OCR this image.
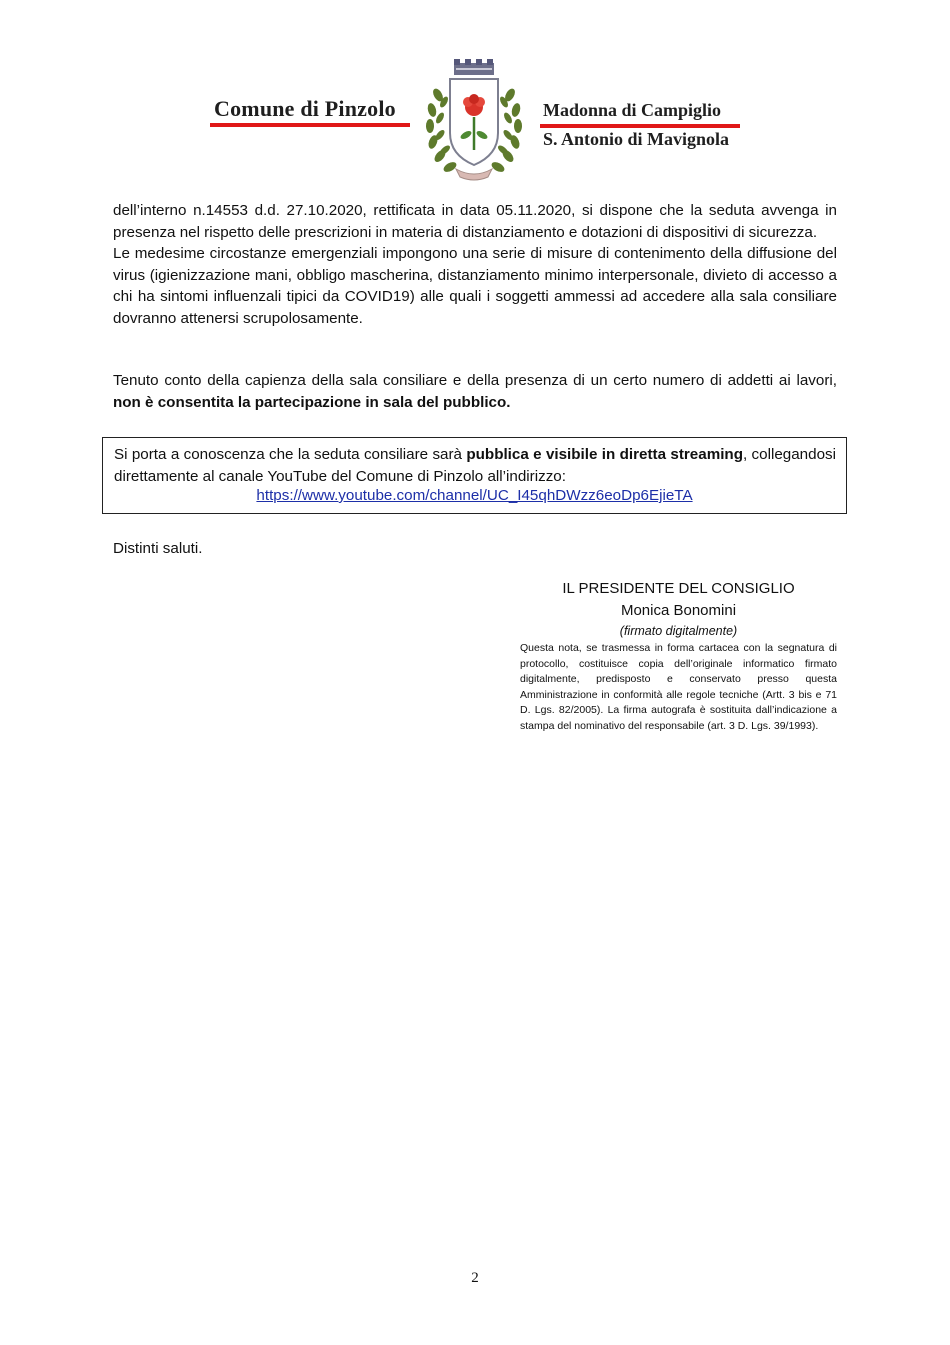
Comune di Pinzolo	Madonna di Campiglio
S. Antonio di Mavignola
dell’interno n.14553 d.d. 27.10.2020, rettificata in data 05.11.2020, si dispone che la seduta avvenga in presenza nel rispetto delle prescrizioni in materia di distanziamento e dotazioni di dispositivi di sicurezza.
Le medesime circostanze emergenziali impongono una serie di misure di contenimento della diffusione del virus (igienizzazione mani, obbligo mascherina, distanziamento minimo interpersonale, divieto di accesso a chi ha sintomi influenzali tipici da COVID19) alle quali i soggetti ammessi ad accedere alla sala consiliare dovranno attenersi scrupolosamente.
Tenuto conto della capienza della sala consiliare e della presenza di un certo numero di addetti ai lavori, non è consentita la partecipazione in sala del pubblico.
Si porta a conoscenza che la seduta consiliare sarà pubblica e visibile in diretta streaming, collegandosi direttamente al canale YouTube del Comune di Pinzolo all’indirizzo:
https://www.youtube.com/channel/UC_I45qhDWzz6eoDp6EjieTA
Distinti saluti.
IL PRESIDENTE DEL CONSIGLIO
Monica Bonomini
(firmato digitalmente)
Questa nota, se trasmessa in forma cartacea con la segnatura di protocollo, costituisce copia dell’originale informatico firmato digitalmente, predisposto e conservato presso questa Amministrazione in conformità alle regole tecniche (Artt. 3 bis e 71 D. Lgs. 82/2005). La firma autografa è sostituita dall’indicazione a stampa del nominativo del responsabile (art. 3 D. Lgs. 39/1993).
2
